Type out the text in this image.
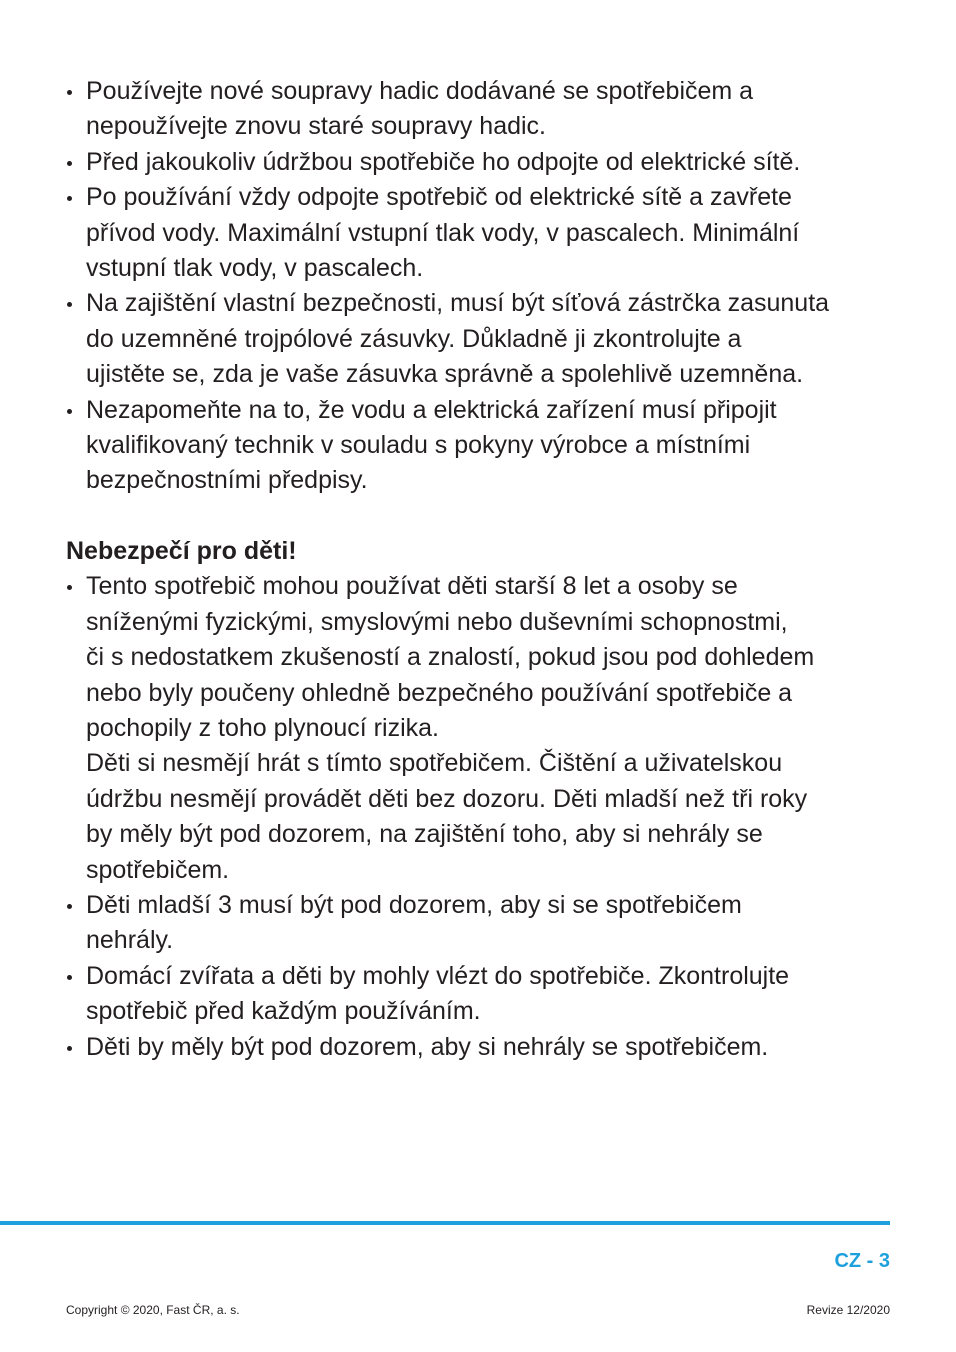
Používejte nové soupravy hadic dodávané se spotřebičem a
nepoužívejte znovu staré soupravy hadic.
Před jakoukoliv údržbou spotřebiče ho odpojte od elektrické sítě.
Po používání vždy odpojte spotřebič od elektrické sítě a zavřete
přívod vody. Maximální vstupní tlak vody, v pascalech. Minimální
vstupní tlak vody, v pascalech.
Na zajištění vlastní bezpečnosti, musí být síťová zástrčka zasunuta
do uzemněné trojpólové zásuvky. Důkladně ji zkontrolujte a
ujistěte se, zda je vaše zásuvka správně a spolehlivě uzemněna.
Nezapomeňte na to, že vodu a elektrická zařízení musí připojit
kvalifikovaný technik v souladu s pokyny výrobce a místními
bezpečnostními předpisy.
Nebezpečí pro děti!
Tento spotřebič mohou používat děti starší 8 let a osoby se
sníženými fyzickými, smyslovými nebo duševními schopnostmi,
či s nedostatkem zkušeností a znalostí, pokud jsou pod dohledem
nebo byly poučeny ohledně bezpečného používání spotřebiče a
pochopily z toho plynoucí rizika.
Děti si nesmějí hrát s tímto spotřebičem. Čištění a uživatelskou
údržbu nesmějí provádět děti bez dozoru. Děti mladší než tři roky
by měly být pod dozorem, na zajištění toho, aby si nehrály se
spotřebičem.
Děti mladší 3 musí být pod dozorem, aby si se spotřebičem
nehrály.
Domácí zvířata a děti by mohly vlézt do spotřebiče. Zkontrolujte
spotřebič před každým používáním.
Děti by měly být pod dozorem, aby si nehrály se spotřebičem.
CZ - 3
Copyright © 2020, Fast ČR, a. s.	Revize 12/2020
